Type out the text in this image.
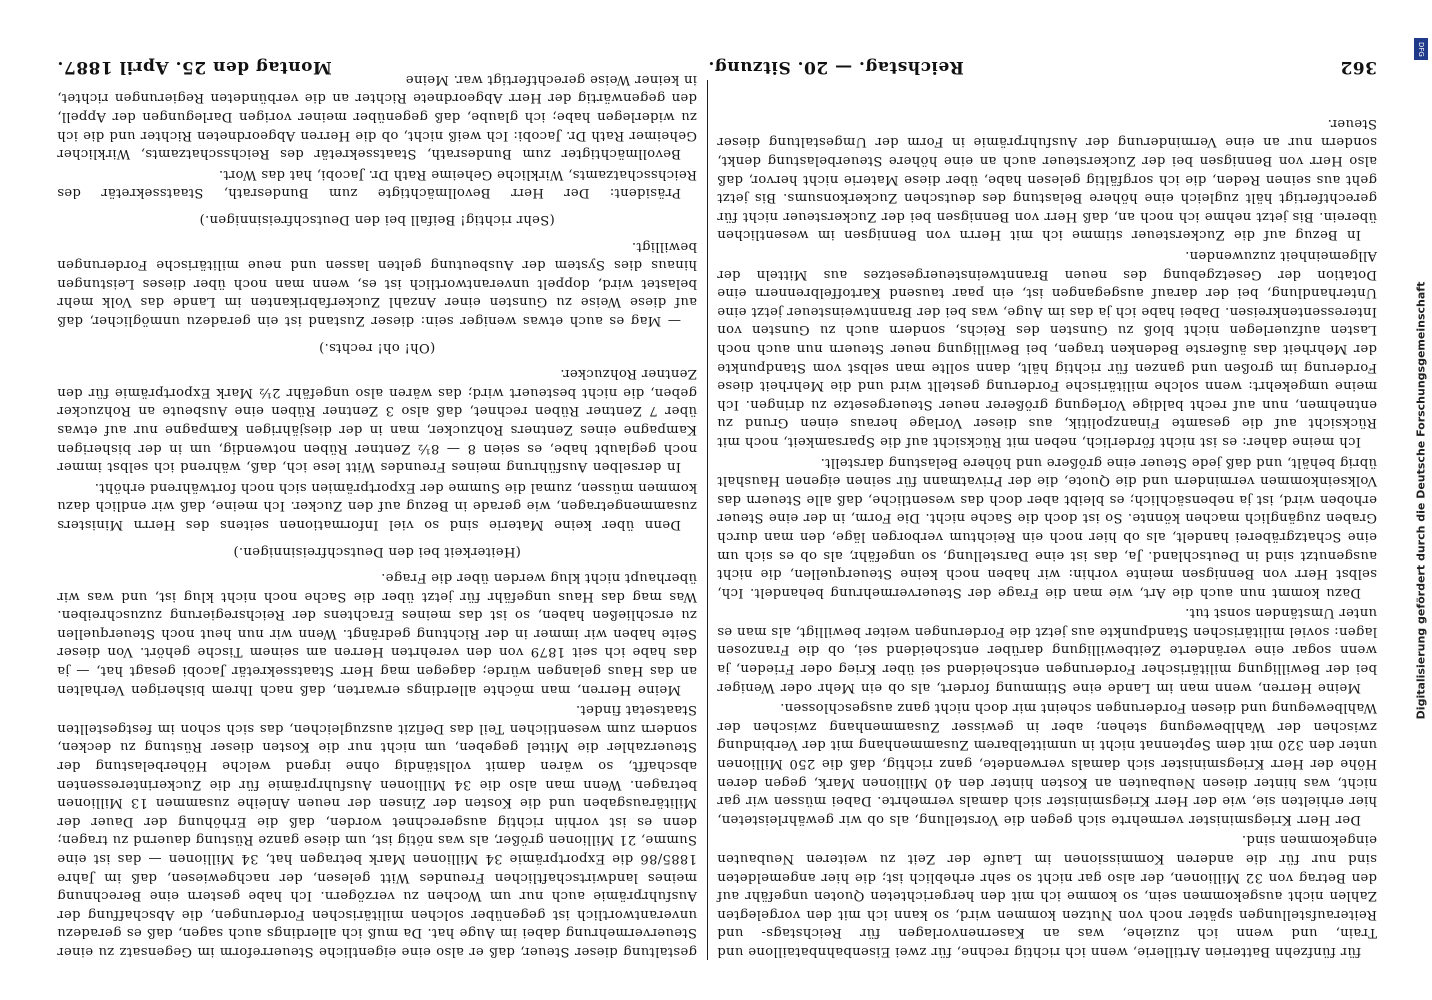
362
Reichstag. — 20. Sitzung.
Montag den 25. April 1887.

für fünfzehn Batterien Artillerie, wenn ich richtig rechne, für zwei Eisenbahnbataillone und Train, und wenn ich zuziehe, was an Kasernenvorlagen für Reichstags- und Reiteraufstellungen später noch von Nutzen kommen wird, so kann ich mit den vorgelegten Zahlen nicht ausgekommen sein, so komme ich mit den hergerichteten Quoten ungefähr auf den Betrag von 32 Millionen, der also gar nicht so sehr erheblich ist; die hier angemeldeten sind nur für die anderen Kommissionen im Laufe der Zeit zu weiteren Neubauten eingekommen sind.

Der Herr Kriegsminister vermehrte sich gegen die Vorstellung, als ob wir gewährleisteten, hier erhielten sie, wie der Herr Kriegsminister sich damals vermehrte. Dabei müssen wir gar nicht, was hinter diesen Neubauten an Kosten hinter den 40 Millionen Mark, gegen deren Höhe der Herr Kriegsminister sich damals verwendete, ganz richtig, daß die 250 Millionen unter den 320 mit dem Septennat nicht in unmittelbarem Zusammenhang mit der Verbindung zwischen der Wahlbewegung stehen; aber in gewisser Zusammenhang zwischen der Wahlbewegung und diesen Forderungen scheint mir doch nicht ganz ausgeschlossen.

Meine Herren, wenn man im Lande eine Stimmung fordert, als ob ein Mehr oder Weniger bei der Bewilligung militärischer Forderungen entscheidend sei über Krieg oder Frieden, ja wenn sogar eine veränderte Zeitbewilligung darüber entscheidend sei, ob die Franzosen lagen: soviel militärischen Standpunkte aus jetzt die Forderungen weiter bewilligt, als man es unter Umständen sonst tut.

Dazu kommt nun auch die Art, wie man die Frage der Steuervermehrung behandelt. Ich, selbst Herr von Bennigsen meinte vorhin: wir haben noch keine Steuerquellen, die nicht ausgenutzt sind in Deutschland. Ja, das ist eine Darstellung, so ungefähr, als ob es sich um eine Schatzgräberei handelt, als ob hier noch ein Reichtum verborgen läge, den man durch Graben zugänglich machen könnte. So ist doch die Sache nicht. Die Form, in der eine Steuer erhoben wird, ist ja nebensächlich; es bleibt aber doch das wesentliche, daß alle Steuern das Volkseinkommen vermindern und die Quote, die der Privatmann für seinen eigenen Haushalt übrig behält, und daß jede Steuer eine größere und höhere Belastung darstellt.

Ich meine daher: es ist nicht förderlich, neben mit Rücksicht auf die Sparsamkeit, noch mit Rücksicht auf die gesamte Finanzpolitik, aus dieser Vorlage heraus einen Grund zu entnehmen, nun auf recht baldige Vorlegung größerer neuer Steuergesetze zu dringen. Ich meine umgekehrt: wenn solche militärische Forderung gestellt wird und die Mehrheit diese Forderung im großen und ganzen für richtig hält, dann sollte man selbst vom Standpunkte der Mehrheit das äußerste Bedenken tragen, bei Bewilligung neuer Steuern nun auch noch Lasten aufzuerlegen nicht bloß zu Gunsten des Reichs, sondern auch zu Gunsten von Interessentenkreisen. Dabei habe ich ja das im Auge, was bei der Branntweinsteuer jetzt eine Unterhandlung, bei der darauf ausgegangen ist, ein paar tausend Kartoffelbrennern eine Dotation der Gesetzgebung des neuen Branntweinsteuergesetzes aus Mitteln der Allgemeinheit zuzuwenden.

In Bezug auf die Zuckersteuer stimme ich mit Herrn von Bennigsen im wesentlichen überein. Bis jetzt nehme ich noch an, daß Herr von Bennigsen bei der Zuckersteuer nicht für gerechtfertigt hält zugleich eine höhere Belastung des deutschen Zuckerkonsums. Bis jetzt geht aus seinen Reden, die ich sorgfältig gelesen habe, über diese Materie nicht hervor, daß also Herr von Bennigsen bei der Zuckersteuer auch an eine höhere Steuerbelastung denkt, sondern nur an eine Verminderung der Ausfuhrprämie in Form der Umgestaltung dieser Steuer.

gestaltung dieser Steuer, daß er also eine eigentliche Steuerreform im Gegensatz zu einer Steuervermehrung dabei im Auge hat. Da muß ich allerdings auch sagen, daß es geradezu unverantwortlich ist gegenüber solchen militärischen Forderungen, die Abschaffung der Ausfuhrprämie auch nur um Wochen zu verzögern. Ich habe gestern eine Berechnung meines landwirtschaftlichen Freundes Witt gelesen, der nachgewiesen, daß im Jahre 1885/86 die Exportprämie 34 Millionen Mark betragen hat, 34 Millionen — das ist eine Summe, 21 Millionen größer, als was nötig ist, um diese ganze Rüstung dauernd zu tragen; denn es ist vorhin richtig ausgerechnet worden, daß die Erhöhung der Dauer der Militärausgaben und die Kosten der Zinsen der neuen Anleihe zusammen 13 Millionen betragen. Wenn man also die 34 Millionen Ausfuhrprämie für die Zuckerinteressenten abschafft, so wären damit vollständig ohne irgend welche Höherbelastung der Steuerzahler die Mittel gegeben, um nicht nur die Kosten dieser Rüstung zu decken, sondern zum wesentlichen Teil das Defizit auszugleichen, das sich schon im festgestellten Staatsetat findet.

Meine Herren, man möchte allerdings erwarten, daß nach Ihrem bisherigen Verhalten an das Haus gelangen würde; dagegen mag Herr Staatssekretär Jacobi gesagt hat, — ja das habe ich seit 1879 von den verehrten Herren am seinem Tische gehört. Von dieser Seite haben wir immer in der Richtung gedrängt. Wenn wir nun heut noch Steuerquellen zu erschließen haben, so ist das meines Erachtens der Reichsregierung zuzuschreiben. Was mag das Haus ungefähr für jetzt über die Sache noch nicht klug ist, und was wir überhaupt nicht klug werden über die Frage.

(Heiterkeit bei den Deutschfreisinnigen.)

Denn über keine Materie sind so viel Informationen seitens des Herrn Ministers zusammengetragen, wie gerade in Bezug auf den Zucker. Ich meine, daß wir endlich dazu kommen müssen, zumal die Summe der Exportprämien sich noch fortwährend erhöht.

In derselben Ausführung meines Freundes Witt lese ich, daß, während ich selbst immer noch geglaubt habe, es seien 8 — 8½ Zentner Rüben notwendig, um in der bisherigen Kampagne eines Zentners Rohzucker, man in der diesjährigen Kampagne nur auf etwas über 7 Zentner Rüben rechnet, daß also 3 Zentner Rüben eine Ausbeute an Rohzucker geben, die nicht besteuert wird; das wären also ungefähr 2½ Mark Exportprämie für den Zentner Rohzucker.

(Oh! oh! rechts.)

— Mag es auch etwas weniger sein: dieser Zustand ist ein geradezu unmöglicher, daß auf diese Weise zu Gunsten einer Anzahl Zuckerfabrikanten im Lande das Volk mehr belastet wird, doppelt unverantwortlich ist es, wenn man noch über dieses Leistungen hinaus dies System der Ausbeutung gelten lassen und neue militärische Forderungen bewilligt.

(Sehr richtig! Beifall bei den Deutschfreisinnigen.)

Präsident: Der Herr Bevollmächtigte zum Bundesrath, Staatssekretär des Reichsschatzamts, Wirkliche Geheime Rath Dr. Jacobi, hat das Wort.

Bevollmächtigter zum Bundesrath, Staatssekretär des Reichsschatzamts, Wirklicher Geheimer Rath Dr. Jacobi: Ich weiß nicht, ob die Herren Abgeordneten Richter und die ich zu widerlegen habe; ich glaube, daß gegenüber meiner vorigen Darlegungen der Appell, den gegenwärtig der Herr Abgeordnete Richter an die verbündeten Regierungen richtet, in keiner Weise gerechtfertigt war. Meine

Digitalisierung gefördert durch die Deutsche Forschungsgemeinschaft
DFG
